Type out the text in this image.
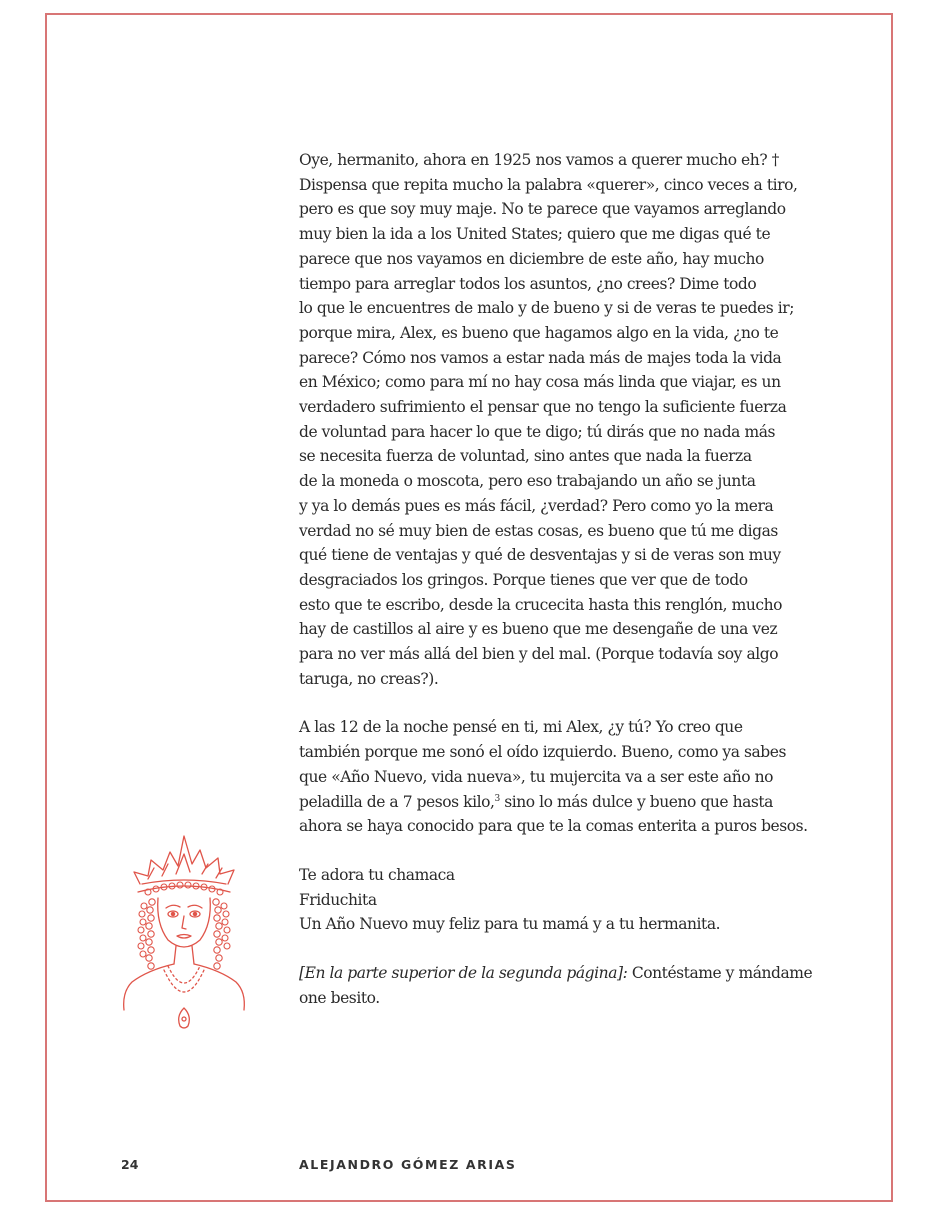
Oye, hermanito, ahora en 1925 nos vamos a querer mucho eh? †
Dispensa que repita mucho la palabra «querer», cinco veces a tiro,
pero es que soy muy maje. No te parece que vayamos arreglando
muy bien la ida a los United States; quiero que me digas qué te
parece que nos vayamos en diciembre de este año, hay mucho
tiempo para arreglar todos los asuntos, ¿no crees? Dime todo
lo que le encuentres de malo y de bueno y si de veras te puedes ir;
porque mira, Alex, es bueno que hagamos algo en la vida, ¿no te
parece? Cómo nos vamos a estar nada más de majes toda la vida
en México; como para mí no hay cosa más linda que viajar, es un
verdadero sufrimiento el pensar que no tengo la suficiente fuerza
de voluntad para hacer lo que te digo; tú dirás que no nada más
se necesita fuerza de voluntad, sino antes que nada la fuerza
de la moneda o moscota, pero eso trabajando un año se junta
y ya lo demás pues es más fácil, ¿verdad? Pero como yo la mera
verdad no sé muy bien de estas cosas, es bueno que tú me digas
qué tiene de ventajas y qué de desventajas y si de veras son muy
desgraciados los gringos. Porque tienes que ver que de todo
esto que te escribo, desde la crucecita hasta this renglón, mucho
hay de castillos al aire y es bueno que me desengañe de una vez
para no ver más allá del bien y del mal. (Porque todavía soy algo
taruga, no creas?).
A las 12 de la noche pensé en ti, mi Alex, ¿y tú? Yo creo que
también porque me sonó el oído izquierdo. Bueno, como ya sabes
que «Año Nuevo, vida nueva», tu mujercita va a ser este año no
peladilla de a 7 pesos kilo,$^3$ sino lo más dulce y bueno que hasta
ahora se haya conocido para que te la comas enterita a puros besos.
Te adora tu chamaca
Friduchita
Un Año Nuevo muy feliz para tu mamá y a tu hermanita.
[En la parte superior de la segunda página]: Contéstame y mándame
one besito.
24	ALEJANDRO GÓMEZ ARIAS
